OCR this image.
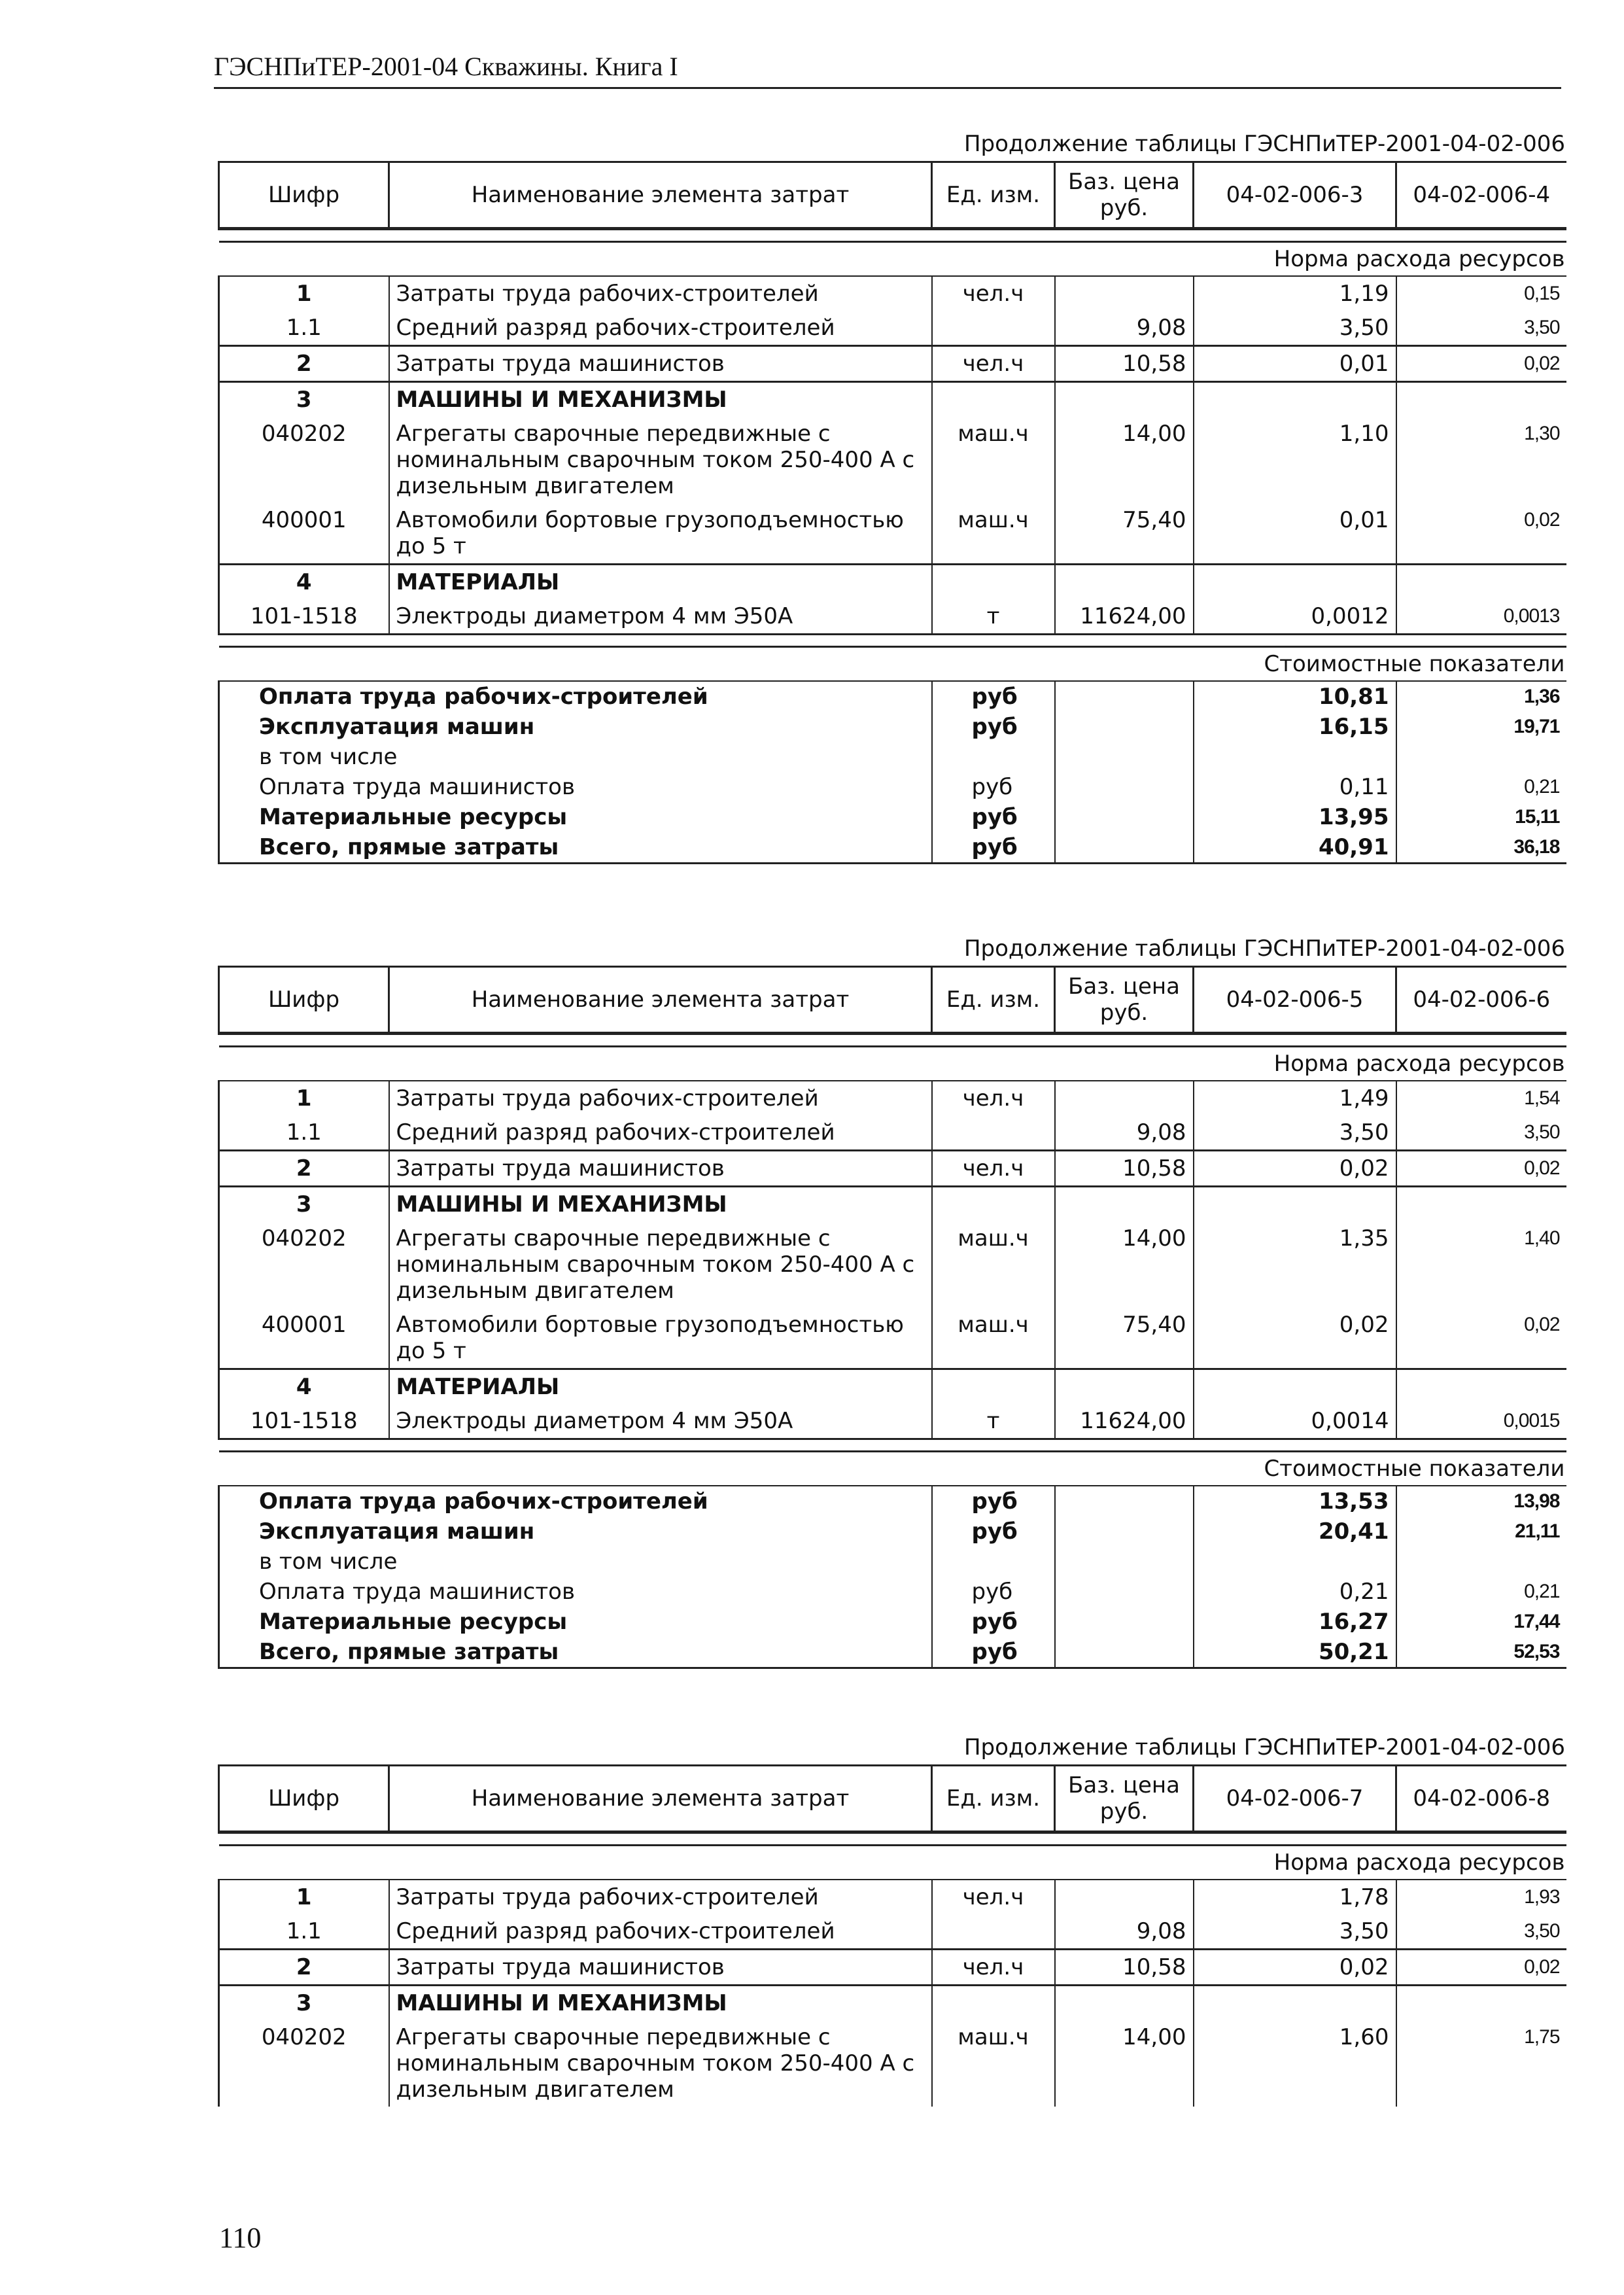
ГЭСНПиТЕР-2001-04 Скважины. Книга I
Продолжение таблицы ГЭСНПиТЕР-2001-04-02-006
Шифр	Наименование элемента затрат	Ед. изм.	Баз. цена руб.	04-02-006-3	04-02-006-4

Норма расхода ресурсов					
1	Затраты труда рабочих-строителей	чел.ч		1,19	0,15
1.1	Средний разряд рабочих-строителей		9,08	3,50	3,50
2	Затраты труда машинистов	чел.ч	10,58	0,01	0,02
3	МАШИНЫ И МЕХАНИЗМЫ				
040202	Агрегаты сварочные передвижные с номинальным сварочным током 250-400 А с дизельным двигателем	маш.ч	14,00	1,10	1,30
400001	Автомобили бортовые грузоподъемностью до 5 т	маш.ч	75,40	0,01	0,02
4	МАТЕРИАЛЫ				
101-1518	Электроды диаметром 4 мм Э50А	т	11624,00	0,0012	0,0013

Стоимостные показатели					
Оплата труда рабочих-строителей		руб		10,81	1,36
Эксплуатация машин		руб		16,15	19,71
в том числе					
Оплата труда машинистов		руб		0,11	0,21
Материальные ресурсы		руб		13,95	15,11
Всего, прямые затраты		руб		40,91	36,18
Продолжение таблицы ГЭСНПиТЕР-2001-04-02-006
Шифр	Наименование элемента затрат	Ед. изм.	Баз. цена руб.	04-02-006-5	04-02-006-6

Норма расхода ресурсов					
1	Затраты труда рабочих-строителей	чел.ч		1,49	1,54
1.1	Средний разряд рабочих-строителей		9,08	3,50	3,50
2	Затраты труда машинистов	чел.ч	10,58	0,02	0,02
3	МАШИНЫ И МЕХАНИЗМЫ				
040202	Агрегаты сварочные передвижные с номинальным сварочным током 250-400 А с дизельным двигателем	маш.ч	14,00	1,35	1,40
400001	Автомобили бортовые грузоподъемностью до 5 т	маш.ч	75,40	0,02	0,02
4	МАТЕРИАЛЫ				
101-1518	Электроды диаметром 4 мм Э50А	т	11624,00	0,0014	0,0015

Стоимостные показатели					
Оплата труда рабочих-строителей		руб		13,53	13,98
Эксплуатация машин		руб		20,41	21,11
в том числе					
Оплата труда машинистов		руб		0,21	0,21
Материальные ресурсы		руб		16,27	17,44
Всего, прямые затраты		руб		50,21	52,53
Продолжение таблицы ГЭСНПиТЕР-2001-04-02-006
Шифр	Наименование элемента затрат	Ед. изм.	Баз. цена руб.	04-02-006-7	04-02-006-8

Норма расхода ресурсов					
1	Затраты труда рабочих-строителей	чел.ч		1,78	1,93
1.1	Средний разряд рабочих-строителей		9,08	3,50	3,50
2	Затраты труда машинистов	чел.ч	10,58	0,02	0,02
3	МАШИНЫ И МЕХАНИЗМЫ				
040202	Агрегаты сварочные передвижные с номинальным сварочным током 250-400 А с дизельным двигателем	маш.ч	14,00	1,60	1,75
110
